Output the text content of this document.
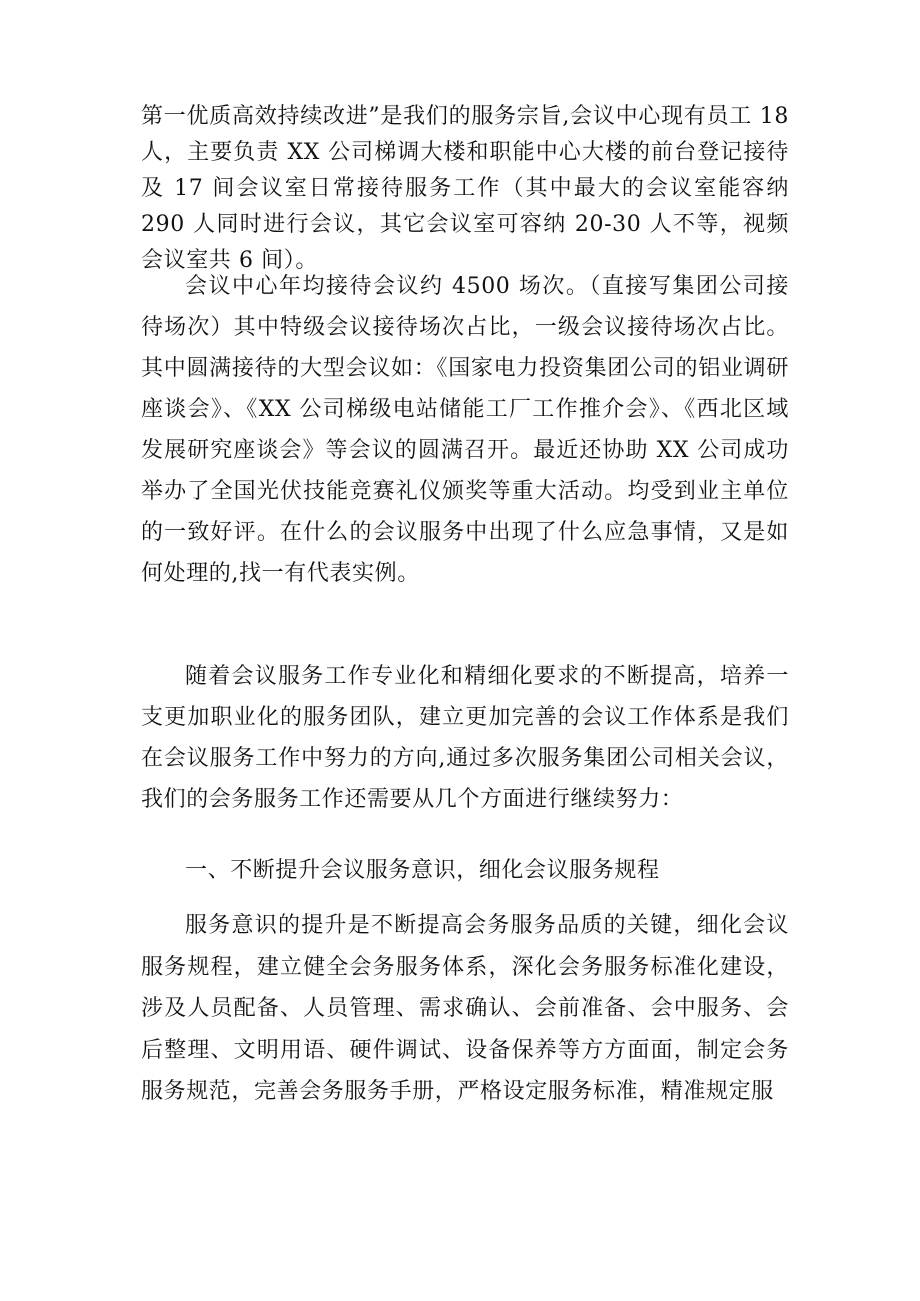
第一优质高效持续改进”是我们的服务宗旨,会议中心现有员工 18 人，主要负责 XX 公司梯调大楼和职能中心大楼的前台登记接待及 17 间会议室日常接待服务工作（其中最大的会议室能容纳 290 人同时进行会议，其它会议室可容纳 20-30 人不等，视频会议室共 6 间）。

会议中心年均接待会议约 4500 场次。（直接写集团公司接待场次）其中特级会议接待场次占比，一级会议接待场次占比。其中圆满接待的大型会议如：《国家电力投资集团公司的铝业调研座谈会》、《XX 公司梯级电站储能工厂工作推介会》、《西北区域发展研究座谈会》等会议的圆满召开。最近还协助 XX 公司成功举办了全国光伏技能竞赛礼仪颁奖等重大活动。均受到业主单位的一致好评。在什么的会议服务中出现了什么应急事情，又是如何处理的,找一有代表实例。

随着会议服务工作专业化和精细化要求的不断提高，培养一支更加职业化的服务团队，建立更加完善的会议工作体系是我们在会议服务工作中努力的方向,通过多次服务集团公司相关会议，我们的会务服务工作还需要从几个方面进行继续努力：

一、不断提升会议服务意识，细化会议服务规程

服务意识的提升是不断提高会务服务品质的关键，细化会议服务规程，建立健全会务服务体系，深化会务服务标准化建设，涉及人员配备、人员管理、需求确认、会前准备、会中服务、会后整理、文明用语、硬件调试、设备保养等方方面面，制定会务服务规范，完善会务服务手册，严格设定服务标准，精准规定服
